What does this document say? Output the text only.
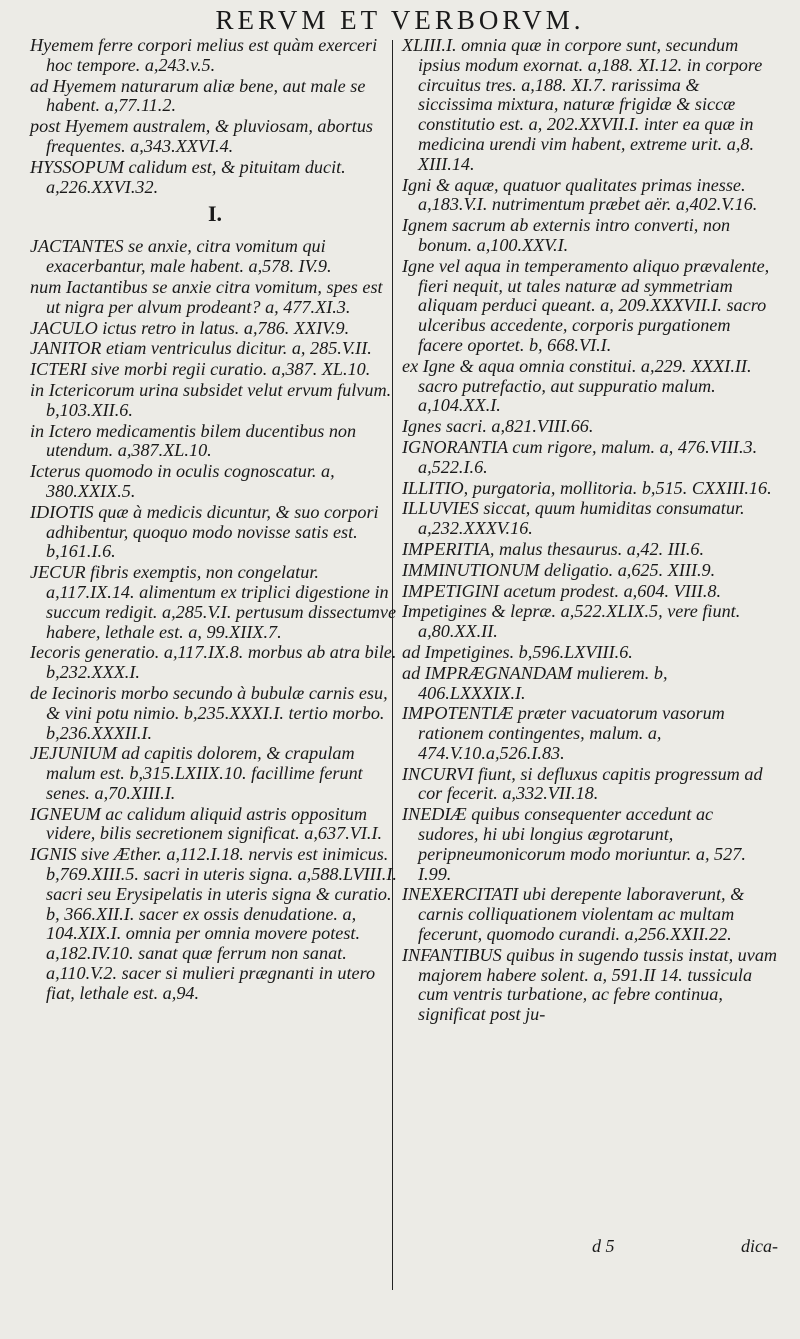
RERVM ET VERBORVM.
Hyemem ferre corpori melius est quàm exerceri hoc tempore. a,243.v.5.
ad Hyemem naturarum aliæ bene, aut male se habent. a,77.11.2.
post Hyemem australem, & pluviosam, abortus frequentes. a,343.XXVI.4.
HYSSOPUM calidum est, & pituitam ducit. a,226.XXVI.32.
I.
JACTANTES se anxie, citra vomitum qui exacerbantur, male habent. a,578. IV.9.
num Iactantibus se anxie citra vomitum, spes est ut nigra per alvum prodeant? a, 477.XI.3.
JACULO ictus retro in latus. a,786. XXIV.9.
JANITOR etiam ventriculus dicitur. a, 285.V.II.
ICTERI sive morbi regii curatio. a,387. XL.10.
in Ictericorum urina subsidet velut ervum fulvum. b,103.XII.6.
in Ictero medicamentis bilem ducentibus non utendum. a,387.XL.10.
Icterus quomodo in oculis cognoscatur. a, 380.XXIX.5.
IDIOTIS quæ à medicis dicuntur, & suo corpori adhibentur, quoquo modo novisse satis est. b,161.I.6.
JECUR fibris exemptis, non congelatur. a,117.IX.14. alimentum ex triplici digestione in succum redigit. a,285.V.I. pertusum dissectumve habere, lethale est. a, 99.XIIX.7.
Iecoris generatio. a,117.IX.8. morbus ab atra bile. b,232.XXX.I.
de Iecinoris morbo secundo à bubulæ carnis esu, & vini potu nimio. b,235.XXXI.I. tertio morbo. b,236.XXXII.I.
JEJUNIUM ad capitis dolorem, & crapulam malum est. b,315.LXIIX.10. facillime ferunt senes. a,70.XIII.I.
IGNEUM ac calidum aliquid astris oppositum videre, bilis secretionem significat. a,637.VI.I.
IGNIS sive Æther. a,112.I.18. nervis est inimicus. b,769.XIII.5. sacri in uteris signa. a,588.LVIII.I. sacri seu Erysipelatis in uteris signa & curatio. b, 366.XII.I. sacer ex ossis denudatione. a, 104.XIX.I. omnia per omnia movere potest. a,182.IV.10. sanat quæ ferrum non sanat. a,110.V.2. sacer si mulieri prægnanti in utero fiat, lethale est. a,94.
XLIII.I. omnia quæ in corpore sunt, secundum ipsius modum exornat. a,188. XI.12. in corpore circuitus tres. a,188. XI.7. rarissima & siccissima mixtura, naturæ frigidæ & siccæ constitutio est. a, 202.XXVII.I. inter ea quæ in medicina urendi vim habent, extreme urit. a,8. XIII.14.
Igni & aquæ, quatuor qualitates primas inesse. a,183.V.I. nutrimentum præbet aër. a,402.V.16.
Ignem sacrum ab externis intro converti, non bonum. a,100.XXV.I.
Igne vel aqua in temperamento aliquo prævalente, fieri nequit, ut tales naturæ ad symmetriam aliquam perduci queant. a, 209.XXXVII.I. sacro ulceribus accedente, corporis purgationem facere oportet. b, 668.VI.I.
ex Igne & aqua omnia constitui. a,229. XXXI.II. sacro putrefactio, aut suppuratio malum. a,104.XX.I.
Ignes sacri. a,821.VIII.66.
IGNORANTIA cum rigore, malum. a, 476.VIII.3. a,522.I.6.
ILLITIO, purgatoria, mollitoria. b,515. CXXIII.16.
ILLUVIES siccat, quum humiditas consumatur. a,232.XXXV.16.
IMPERITIA, malus thesaurus. a,42. III.6.
IMMINUTIONUM deligatio. a,625. XIII.9.
IMPETIGINI acetum prodest. a,604. VIII.8.
Impetigines & lepræ. a,522.XLIX.5, vere fiunt. a,80.XX.II.
ad Impetigines. b,596.LXVIII.6.
ad IMPRÆGNANDAM mulierem. b, 406.LXXXIX.I.
IMPOTENTIÆ præter vacuatorum vasorum rationem contingentes, malum. a, 474.V.10.a,526.I.83.
INCURVI fiunt, si defluxus capitis progressum ad cor fecerit. a,332.VII.18.
INEDIÆ quibus consequenter accedunt ac sudores, hi ubi longius ægrotarunt, peripneumonicorum modo moriuntur. a, 527. I.99.
INEXERCITATI ubi derepente laboraverunt, & carnis colliquationem violentam ac multam fecerunt, quomodo curandi. a,256.XXII.22.
INFANTIBUS quibus in sugendo tussis instat, uvam majorem habere solent. a, 591.II 14. tussicula cum ventris turbatione, ac febre continua, significat post ju-
d 5	dica-
